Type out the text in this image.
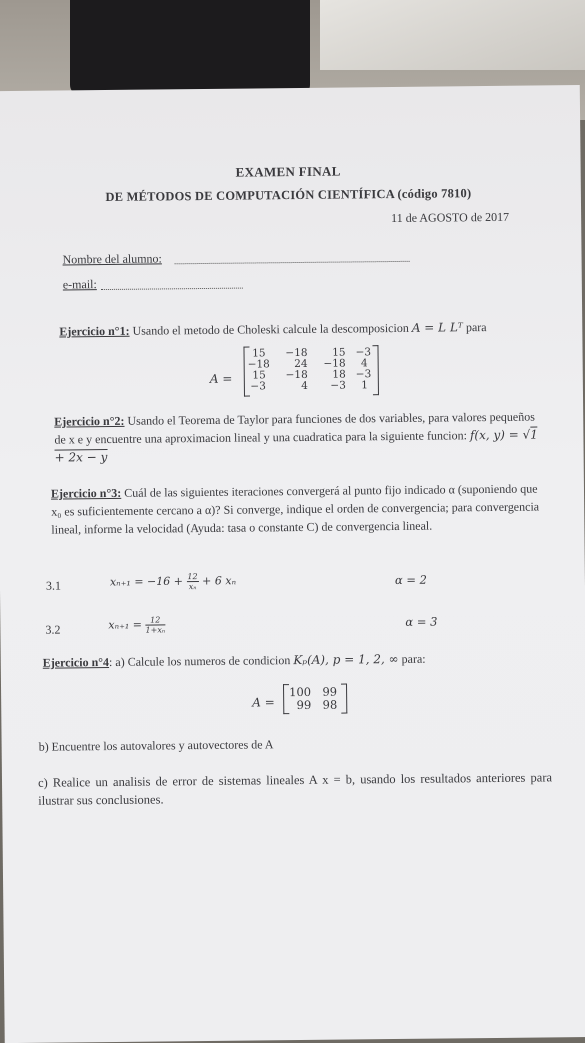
EXAMEN FINAL
DE MÉTODOS DE COMPUTACIÓN CIENTÍFICA (código 7810)
11 de AGOSTO de 2017
Nombre del alumno:
e-mail:
Ejercicio n°1: Usando el metodo de Choleski calcule la descomposicion A = L Lᵀ para
A =
15	−18	15 −3
−18	24	−18	4
15	−18	18 −3
−3	4	−3	1
Ejercicio n°2: Usando el Teorema de Taylor para funciones de dos variables, para valores pequeños de x e y encuentre una aproximacion lineal y una cuadratica para la siguiente funcion: f(x, y) = √1 + 2x − y
Ejercicio n°3: Cuál de las siguientes iteraciones convergerá al punto fijo indicado α (suponiendo que x₀ es suficientemente cercano a α)? Si converge, indique el orden de convergencia; para convergencia lineal, informe la velocidad (Ayuda: tasa o constante C) de convergencia lineal.
3.1	$x_{n+1} = -16 + \frac{12}{\text{xₙ}} + 6$ xₙ	α = 2
3.2	$x_{n+1} = \frac{12}{\text{1+xₙ}}$	α = 3
Ejercicio n°4: a) Calcule los numeros de condicion Kₚ(A), p = 1, 2, ∞ para:
A =
100 99
99 98
b) Encuentre los autovalores y autovectores de A
c) Realice un analisis de error de sistemas lineales A x = b, usando los resultados anteriores para ilustrar sus conclusiones.
